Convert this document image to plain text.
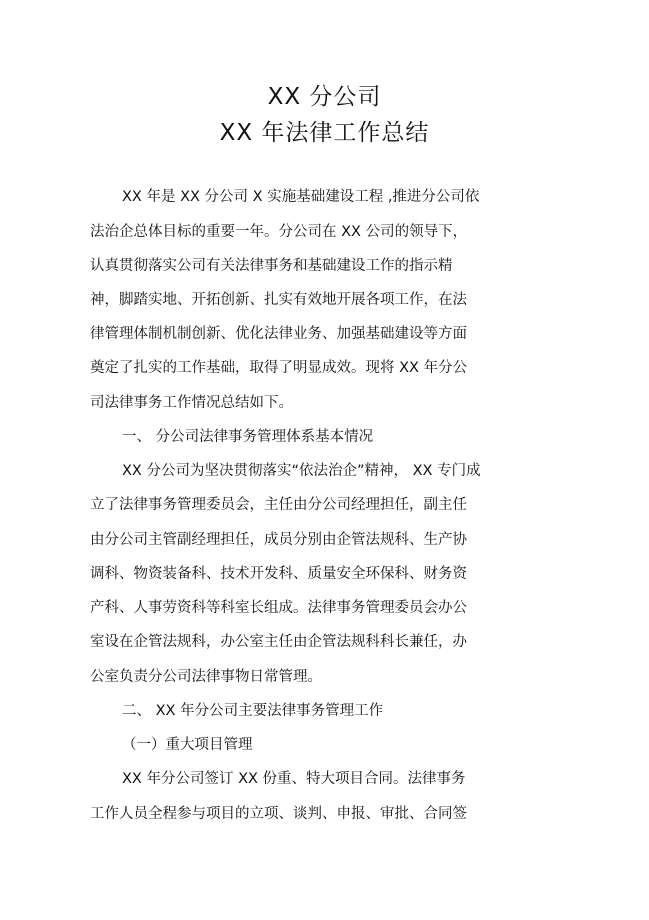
XX 分公司
XX 年法律工作总结
XX 年是 XX 分公司 X 实施基础建设工程 ,推进分公司依
法治企总体目标的重要一年。分公司在 XX 公司的领导下，
认真贯彻落实公司有关法律事务和基础建设工作的指示精
神，脚踏实地、开拓创新、扎实有效地开展各项工作，在法
律管理体制机制创新、优化法律业务、加强基础建设等方面
奠定了扎实的工作基础，取得了明显成效。现将 XX 年分公
司法律事务工作情况总结如下。
一、 分公司法律事务管理体系基本情况
XX 分公司为坚决贯彻落实“依法治企”精神， XX 专门成
立了法律事务管理委员会，主任由分公司经理担任，副主任
由分公司主管副经理担任，成员分别由企管法规科、生产协
调科、物资装备科、技术开发科、质量安全环保科、财务资
产科、人事劳资科等科室长组成。法律事务管理委员会办公
室设在企管法规科，办公室主任由企管法规科科长兼任，办
公室负责分公司法律事物日常管理。
二、 XX 年分公司主要法律事务管理工作
（一）重大项目管理
XX 年分公司签订 XX 份重、特大项目合同。法律事务
工作人员全程参与项目的立项、谈判、申报、审批、合同签
